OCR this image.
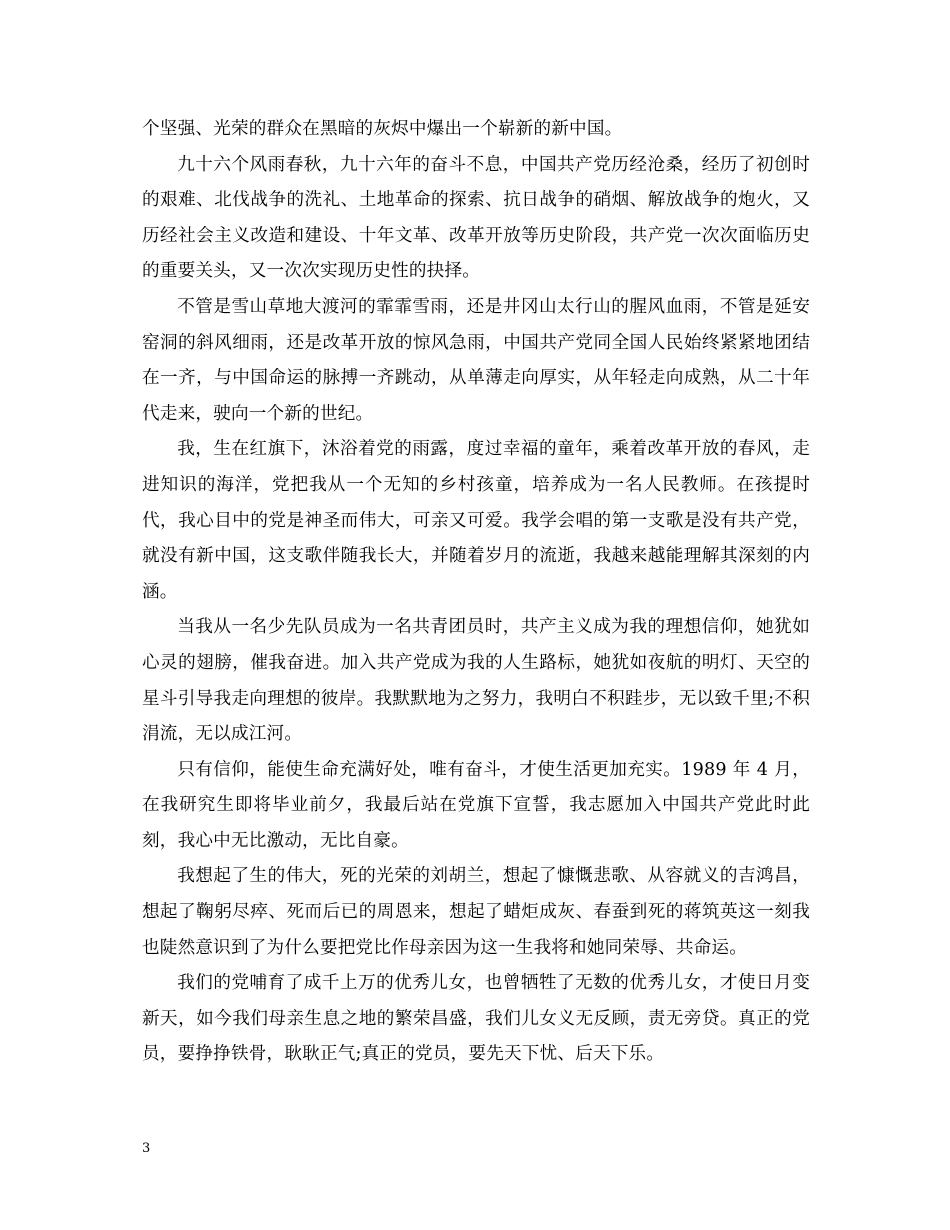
个坚强、光荣的群众在黑暗的灰烬中爆出一个崭新的新中国。

九十六个风雨春秋，九十六年的奋斗不息，中国共产党历经沧桑，经历了初创时的艰难、北伐战争的洗礼、土地革命的探索、抗日战争的硝烟、解放战争的炮火，又历经社会主义改造和建设、十年文革、改革开放等历史阶段，共产党一次次面临历史的重要关头，又一次次实现历史性的抉择。

不管是雪山草地大渡河的霏霏雪雨，还是井冈山太行山的腥风血雨，不管是延安窑洞的斜风细雨，还是改革开放的惊风急雨，中国共产党同全国人民始终紧紧地团结在一齐，与中国命运的脉搏一齐跳动，从单薄走向厚实，从年轻走向成熟，从二十年代走来，驶向一个新的世纪。

我，生在红旗下，沐浴着党的雨露，度过幸福的童年，乘着改革开放的春风，走进知识的海洋，党把我从一个无知的乡村孩童，培养成为一名人民教师。在孩提时代，我心目中的党是神圣而伟大，可亲又可爱。我学会唱的第一支歌是没有共产党，就没有新中国，这支歌伴随我长大，并随着岁月的流逝，我越来越能理解其深刻的内涵。

当我从一名少先队员成为一名共青团员时，共产主义成为我的理想信仰，她犹如心灵的翅膀，催我奋进。加入共产党成为我的人生路标，她犹如夜航的明灯、天空的星斗引导我走向理想的彼岸。我默默地为之努力，我明白不积跬步，无以致千里;不积涓流，无以成江河。

只有信仰，能使生命充满好处，唯有奋斗，才使生活更加充实。1989 年 4 月，在我研究生即将毕业前夕，我最后站在党旗下宣誓，我志愿加入中国共产党此时此刻，我心中无比激动，无比自豪。

我想起了生的伟大，死的光荣的刘胡兰，想起了慷慨悲歌、从容就义的吉鸿昌，想起了鞠躬尽瘁、死而后已的周恩来，想起了蜡炬成灰、春蚕到死的蒋筑英这一刻我也陡然意识到了为什么要把党比作母亲因为这一生我将和她同荣辱、共命运。

我们的党哺育了成千上万的优秀儿女，也曾牺牲了无数的优秀儿女，才使日月变新天，如今我们母亲生息之地的繁荣昌盛，我们儿女义无反顾，责无旁贷。真正的党员，要挣挣铁骨，耿耿正气;真正的党员，要先天下忧、后天下乐。

3
